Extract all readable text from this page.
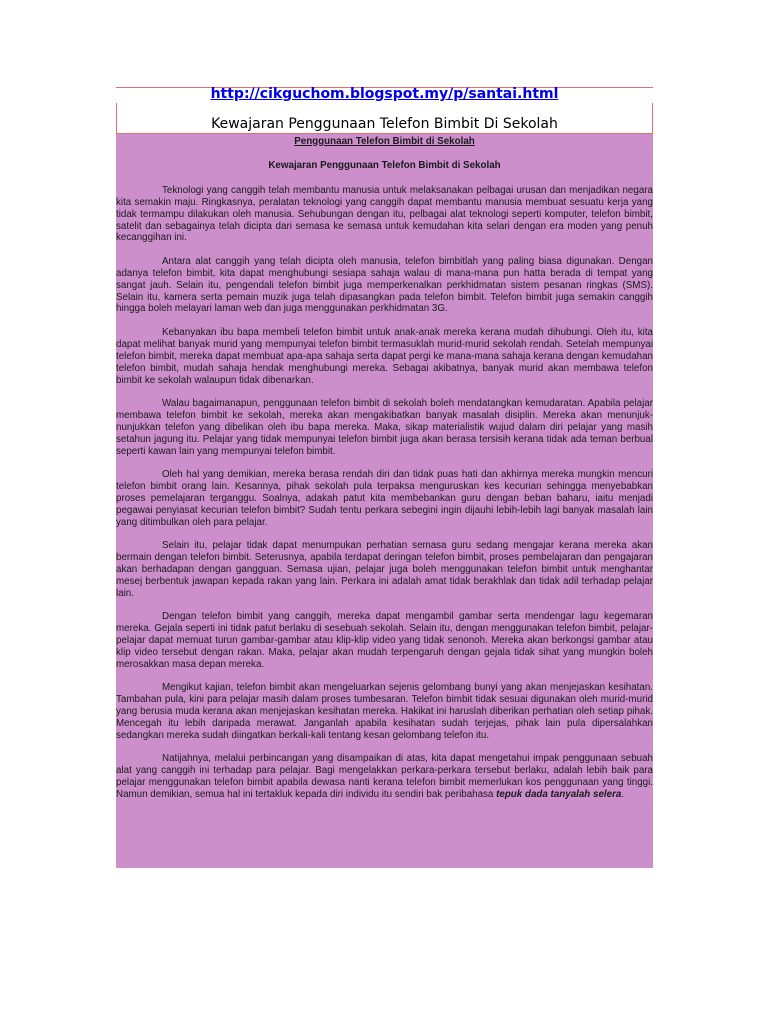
http://cikguchom.blogspot.my/p/santai.html
Kewajaran Penggunaan Telefon Bimbit Di Sekolah
Penggunaan Telefon Bimbit di Sekolah
Kewajaran Penggunaan Telefon Bimbit di Sekolah

Teknologi yang canggih telah membantu manusia untuk melaksanakan pelbagai urusan dan menjadikan negara kita semakin maju. Ringkasnya, peralatan teknologi yang canggih dapat membantu manusia membuat sesuatu kerja yang tidak termampu dilakukan oleh manusia. Sehubungan dengan itu, pelbagai alat teknologi seperti komputer, telefon bimbit, satelit dan sebagainya telah dicipta dari semasa ke semasa untuk kemudahan kita selari dengan era moden yang penuh kecanggihan ini.

Antara alat canggih yang telah dicipta oleh manusia, telefon bimbitlah yang paling biasa digunakan. Dengan adanya telefon bimbit, kita dapat menghubungi sesiapa sahaja walau di mana-mana pun hatta berada di tempat yang sangat jauh. Selain itu, pengendali telefon bimbit juga memperkenalkan perkhidmatan sistem pesanan ringkas (SMS). Selain itu, kamera serta pemain muzik juga telah dipasangkan pada telefon bimbit. Telefon bimbit juga semakin canggih hingga boleh melayari laman web dan juga menggunakan perkhidmatan 3G.

Kebanyakan ibu bapa membeli telefon bimbit untuk anak-anak mereka kerana mudah dihubungi. Oleh itu, kita dapat melihat banyak murid yang mempunyai telefon bimbit termasuklah murid-murid sekolah rendah. Setelah mempunyai telefon bimbit, mereka dapat membuat apa-apa sahaja serta dapat pergi ke mana-mana sahaja kerana dengan kemudahan telefon bimbit, mudah sahaja hendak menghubungi mereka. Sebagai akibatnya, banyak murid akan membawa telefon bimbit ke sekolah walaupun tidak dibenarkan.

Walau bagaimanapun, penggunaan telefon bimbit di sekolah boleh mendatangkan kemudaratan. Apabila pelajar membawa telefon bimbit ke sekolah, mereka akan mengakibatkan banyak masalah disiplin. Mereka akan menunjuk-nunjukkan telefon yang dibelikan oleh ibu bapa mereka. Maka, sikap materialistik wujud dalam diri pelajar yang masih setahun jagung itu. Pelajar yang tidak mempunyai telefon bimbit juga akan berasa tersisih kerana tidak ada teman berbual seperti kawan lain yang mempunyai telefon bimbit.

Oleh hal yang demikian, mereka berasa rendah diri dan tidak puas hati dan akhirnya mereka mungkin mencuri telefon bimbit orang lain. Kesannya, pihak sekolah pula terpaksa menguruskan kes kecurian sehingga menyebabkan proses pemelajaran terganggu. Soalnya, adakah patut kita membebankan guru dengan beban baharu, iaitu menjadi pegawai penyiasat kecurian telefon bimbit? Sudah tentu perkara sebegini ingin dijauhi lebih-lebih lagi banyak masalah lain yang ditimbulkan oleh para pelajar.

Selain itu, pelajar tidak dapat menumpukan perhatian semasa guru sedang mengajar kerana mereka akan bermain dengan telefon bimbit. Seterusnya, apabila terdapat deringan telefon bimbit, proses pembelajaran dan pengajaran akan berhadapan dengan gangguan. Semasa ujian, pelajar juga boleh menggunakan telefon bimbit untuk menghantar mesej berbentuk jawapan kepada rakan yang lain. Perkara ini adalah amat tidak berakhlak dan tidak adil terhadap pelajar lain.

Dengan telefon bimbit yang canggih, mereka dapat mengambil gambar serta mendengar lagu kegemaran mereka. Gejala seperti ini tidak patut berlaku di sesebuah sekolah. Selain itu, dengan menggunakan telefon bimbit, pelajar-pelajar dapat memuat turun gambar-gambar atau klip-klip video yang tidak senonoh. Mereka akan berkongsi gambar atau klip video tersebut dengan rakan. Maka, pelajar akan mudah terpengaruh dengan gejala tidak sihat yang mungkin boleh merosakkan masa depan mereka.

Mengikut kajian, telefon bimbit akan mengeluarkan sejenis gelombang bunyi yang akan menjejaskan kesihatan. Tambahan pula, kini para pelajar masih dalam proses tumbesaran. Telefon bimbit tidak sesuai digunakan oleh murid-murid yang berusia muda kerana akan menjejaskan kesihatan mereka. Hakikat ini haruslah diberikan perhatian oleh setiap pihak. Mencegah itu lebih daripada merawat. Janganlah apabila kesihatan sudah terjejas, pihak lain pula dipersalahkan sedangkan mereka sudah diingatkan berkali-kali tentang kesan gelombang telefon itu.

Natijahnya, melalui perbincangan yang disampaikan di atas, kita dapat mengetahui impak penggunaan sebuah alat yang canggih ini terhadap para pelajar. Bagi mengelakkan perkara-perkara tersebut berlaku, adalah lebih baik para pelajar menggunakan telefon bimbit apabila dewasa nanti kerana telefon bimbit memerlukan kos penggunaan yang tinggi. Namun demikian, semua hal ini tertakluk kepada diri individu itu sendiri bak peribahasa tepuk dada tanyalah selera.
